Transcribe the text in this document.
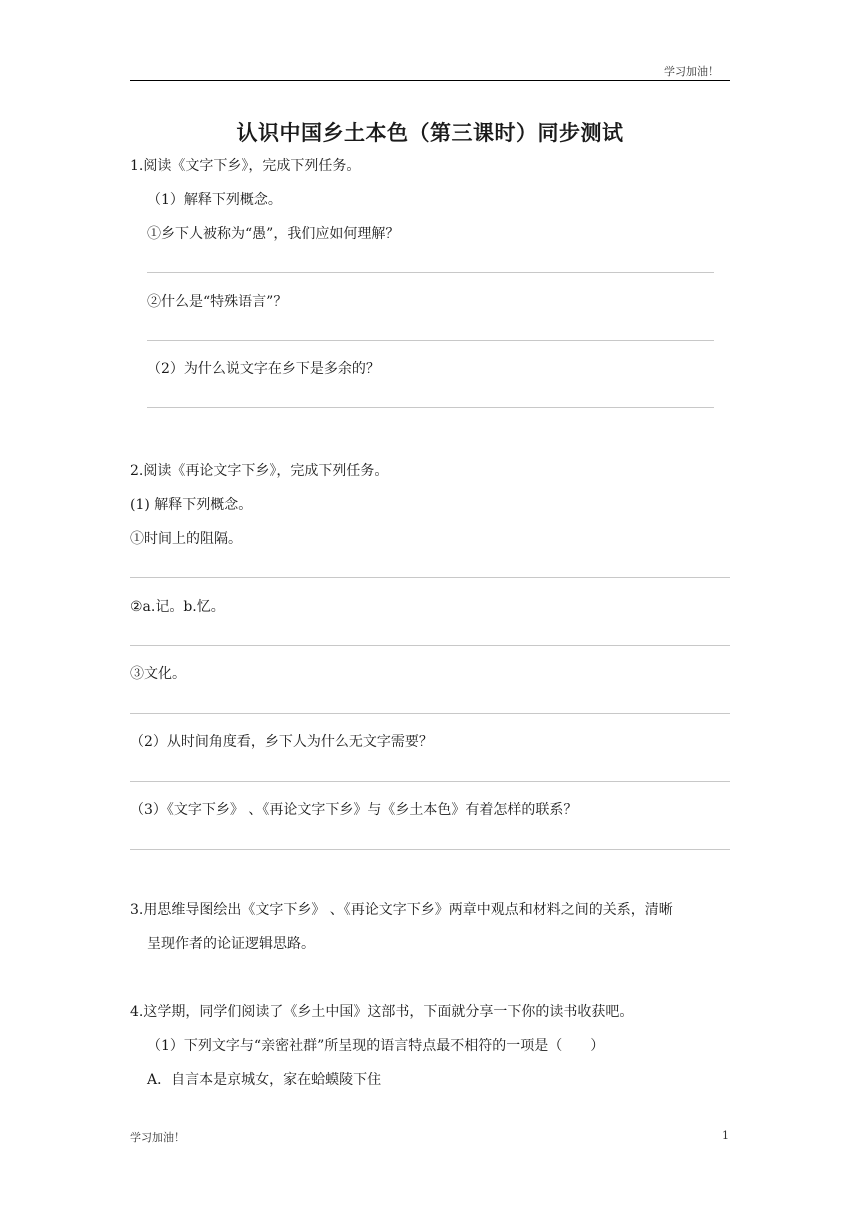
学习加油！
认识中国乡土本色（第三课时）同步测试
1.阅读《文字下乡》，完成下列任务。
（1）解释下列概念。
①乡下人被称为“愚”，我们应如何理解？
②什么是“特殊语言”？
（2）为什么说文字在乡下是多余的？
2.阅读《再论文字下乡》，完成下列任务。
(1) 解释下列概念。
①时间上的阻隔。
②a.记。b.忆。
③文化。
（2）从时间角度看，乡下人为什么无文字需要？
（3）《文字下乡》 、《再论文字下乡》与《乡土本色》有着怎样的联系？
3.用思维导图绘出《文字下乡》 、《再论文字下乡》两章中观点和材料之间的关系，清晰
呈现作者的论证逻辑思路。
4.这学期，同学们阅读了《乡土中国》这部书，下面就分享一下你的读书收获吧。
（1）下列文字与“亲密社群”所呈现的语言特点最不相符的一项是（　　）
A．自言本是京城女，家在蛤蟆陵下住
学习加油！	1
